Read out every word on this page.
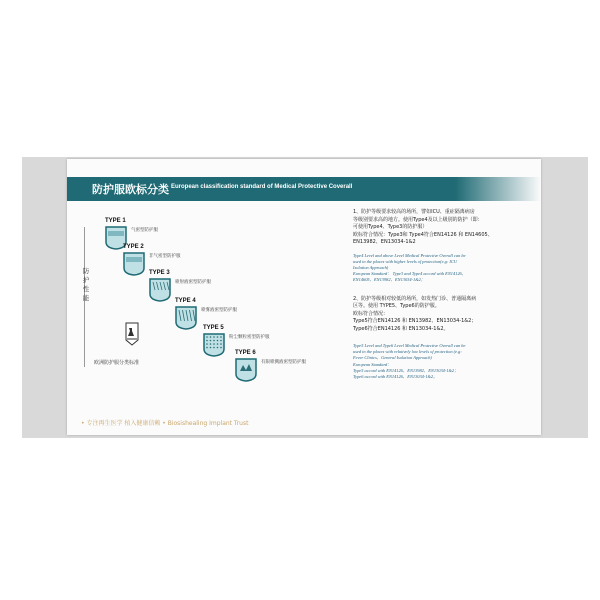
防护服欧标分类 European classification standard of Medical Protective Coverall
防
护
性
能
TYPE 1
气密型防护服
TYPE 2
非气密型防护服
TYPE 3
喷射液密型防护服
TYPE 4
喷雾液密型防护服
TYPE 5
粉尘颗粒密型防护服
TYPE 6
有限喷溅液密型防护服
欧洲防护服分类标准
• 专注再生医学 植入健康信赖 • Biosishealing Implant Trust

1、防护等级要求较高的场所，譬如ICU、重症隔离病房

等级别要求高的地方。使用Type4及以上级别的防护（即：

可使用Type4、Type3的防护服）

欧标符合情况：Type3和 Type4符合EN14126 和 EN14605、

EN13982、EN13034-1&2

Type4 Level and above Level Medical Protective Overall can be

used in the places with higher levels of protection(e.g: ICU

Isolation Approach)

European Standard： Type3 and Type4 accord with EN14126、

EN14605、EN13982、EN13034-1&2；

2、防护等级相对较低的场所，如发热门诊、普通隔离病

区等。使用 TYPE5、Type6的防护服。

欧标符合情况：

Type5符合EN14126 和 EN13982、EN13034-1&2；

Type6符合EN14126 和 EN13034-1&2。

Type5 Level and Type6 Level Medical Protective Overall can be

used in the places with relatively low levels of protection (e.g:

Fever Clinics、General Isolation Approach)

European Standard：

Type5 accord with EN14126、EN13982、EN13034-1&2；

Type6 accord with EN14126、EN13034-1&2。
